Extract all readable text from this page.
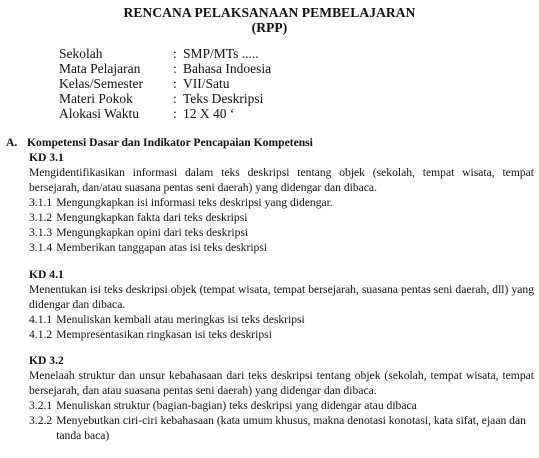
RENCANA PELAKSANAAN PEMBELAJARAN
(RPP)
Sekolah	: SMP/MTs .....
Mata Pelajaran : Bahasa Indoesia
Kelas/Semester : VII/Satu
Materi Pokok	: Teks Deskripsi
Alokasi Waktu	: 12 X 40 ‘
A. Kompetensi Dasar dan Indikator Pencapaian Kompetensi
KD 3.1
Mengidentifikasikan informasi dalam teks deskripsi tentang objek (sekolah, tempat wisata, tempat bersejarah, dan/atau suasana pentas seni daerah) yang didengar dan dibaca.
3.1.1 Mengungkapkan isi informasi teks deskripsi yang didengar.
3.1.2 Mengungkapkan fakta dari teks deskripsi
3.1.3 Mengungkapkan opini dari teks deskripsi
3.1.4 Memberikan tanggapan atas isi teks deskripsi
KD 4.1
Menentukan isi teks deskripsi objek (tempat wisata, tempat bersejarah, suasana pentas seni daerah, dll) yang didengar dan dibaca.
4.1.1 Menuliskan kembali atau meringkas isi teks deskripsi
4.1.2 Mempresentasikan ringkasan isi teks deskripsi
KD 3.2
Menelaah struktur dan unsur kebahasaan dari teks deskripsi tentang objek (sekolah, tempat wisata, tempat bersejarah, dan atau suasana pentas seni daerah) yang didengar dan dibaca.
3.2.1 Menuliskan struktur (bagian-bagian) teks deskripsi yang didengar atau dibaca
3.2.2 Menyebutkan ciri-ciri kebahasaan (kata umum khusus, makna denotasi konotasi, kata sifat, ejaan dan tanda baca)
